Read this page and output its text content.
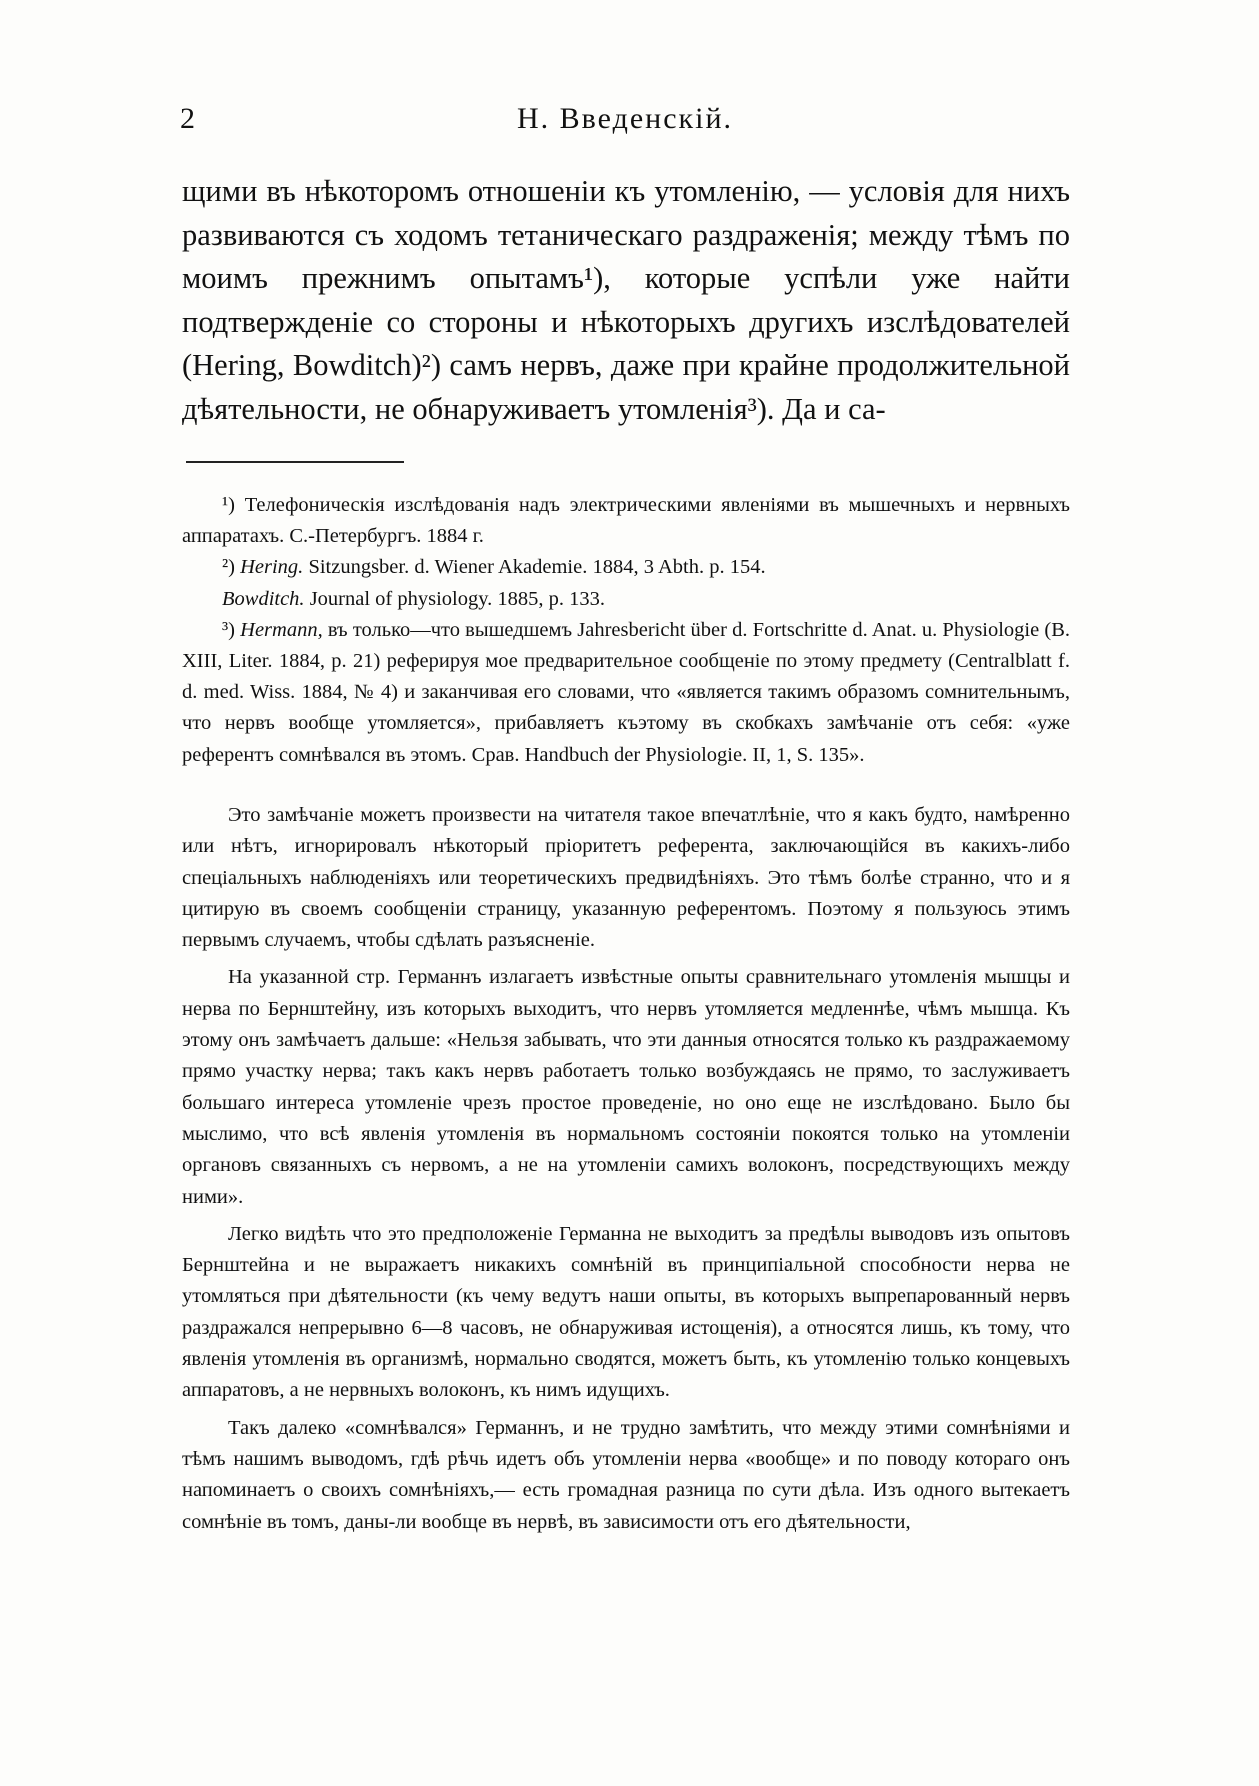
2	Н. Введенскій.

щими въ нѣкоторомъ отношеніи къ утомленію, — условія для нихъ развиваются съ ходомъ тетаническаго раздраженія; между тѣмъ по моимъ прежнимъ опытамъ¹), которые успѣли уже найти подтвержденіе со стороны и нѣкоторыхъ другихъ изслѣдователей (Hering, Bowditch)²) самъ нервъ, даже при крайне продолжительной дѣятельности, не обнаруживаетъ утомленія³). Да и са-

¹) Телефоническія изслѣдованія надъ электрическими явленіями въ мышечныхъ и нервныхъ аппаратахъ. С.-Петербургъ. 1884 г.

²) Hering. Sitzungsber. d. Wiener Akademie. 1884, 3 Abth. p. 154.

Bowditch. Journal of physiology. 1885, p. 133.

³) Hermann, въ только—что вышедшемъ Jahresbericht über d. Fortschritte d. Anat. u. Physiologie (B. XIII, Liter. 1884, p. 21) реферируя мое предварительное сообщеніе по этому предмету (Centralblatt f. d. med. Wiss. 1884, № 4) и заканчивая его словами, что «является такимъ образомъ сомнительнымъ, что нервъ вообще утомляется», прибавляетъ къэтому въ скобкахъ замѣчаніе отъ себя: «уже референтъ сомнѣвался въ этомъ. Срав. Handbuch der Physiologie. II, 1, S. 135».

Это замѣчаніе можетъ произвести на читателя такое впечатлѣніе, что я какъ будто, намѣренно или нѣтъ, игнорировалъ нѣкоторый пріоритетъ референта, заключающійся въ какихъ-либо спеціальныхъ наблюденіяхъ или теоретическихъ предвидѣніяхъ. Это тѣмъ болѣе странно, что и я цитирую въ своемъ сообщеніи страницу, указанную референтомъ. Поэтому я пользуюсь этимъ первымъ случаемъ, чтобы сдѣлать разъясненіе.

На указанной стр. Германнъ излагаетъ извѣстные опыты сравнительнаго утомленія мышцы и нерва по Бернштейну, изъ которыхъ выходитъ, что нервъ утомляется медленнѣе, чѣмъ мышца. Къ этому онъ замѣчаетъ дальше: «Нельзя забывать, что эти данныя относятся только къ раздражаемому прямо участку нерва; такъ какъ нервъ работаетъ только возбуждаясь не прямо, то заслуживаетъ большаго интереса утомленіе чрезъ простое проведеніе, но оно еще не изслѣдовано. Было бы мыслимо, что всѣ явленія утомленія въ нормальномъ состояніи покоятся только на утомленіи органовъ связанныхъ съ нервомъ, а не на утомленіи самихъ волоконъ, посредствующихъ между ними».

Легко видѣть что это предположеніе Германна не выходитъ за предѣлы выводовъ изъ опытовъ Бернштейна и не выражаетъ никакихъ сомнѣній въ принципіальной способности нерва не утомляться при дѣятельности (къ чему ведутъ наши опыты, въ которыхъ выпрепарованный нервъ раздражался непрерывно 6—8 часовъ, не обнаруживая истощенія), а относятся лишь, къ тому, что явленія утомленія въ организмѣ, нормально сводятся, можетъ быть, къ утомленію только концевыхъ аппаратовъ, а не нервныхъ волоконъ, къ нимъ идущихъ.

Такъ далеко «сомнѣвался» Германнъ, и не трудно замѣтить, что между этими сомнѣніями и тѣмъ нашимъ выводомъ, гдѣ рѣчь идетъ объ утомленіи нерва «вообще» и по поводу котораго онъ напоминаетъ о своихъ сомнѣніяхъ,— есть громадная разница по сути дѣла. Изъ одного вытекаетъ сомнѣніе въ томъ, даны-ли вообще въ нервѣ, въ зависимости отъ его дѣятельности,
